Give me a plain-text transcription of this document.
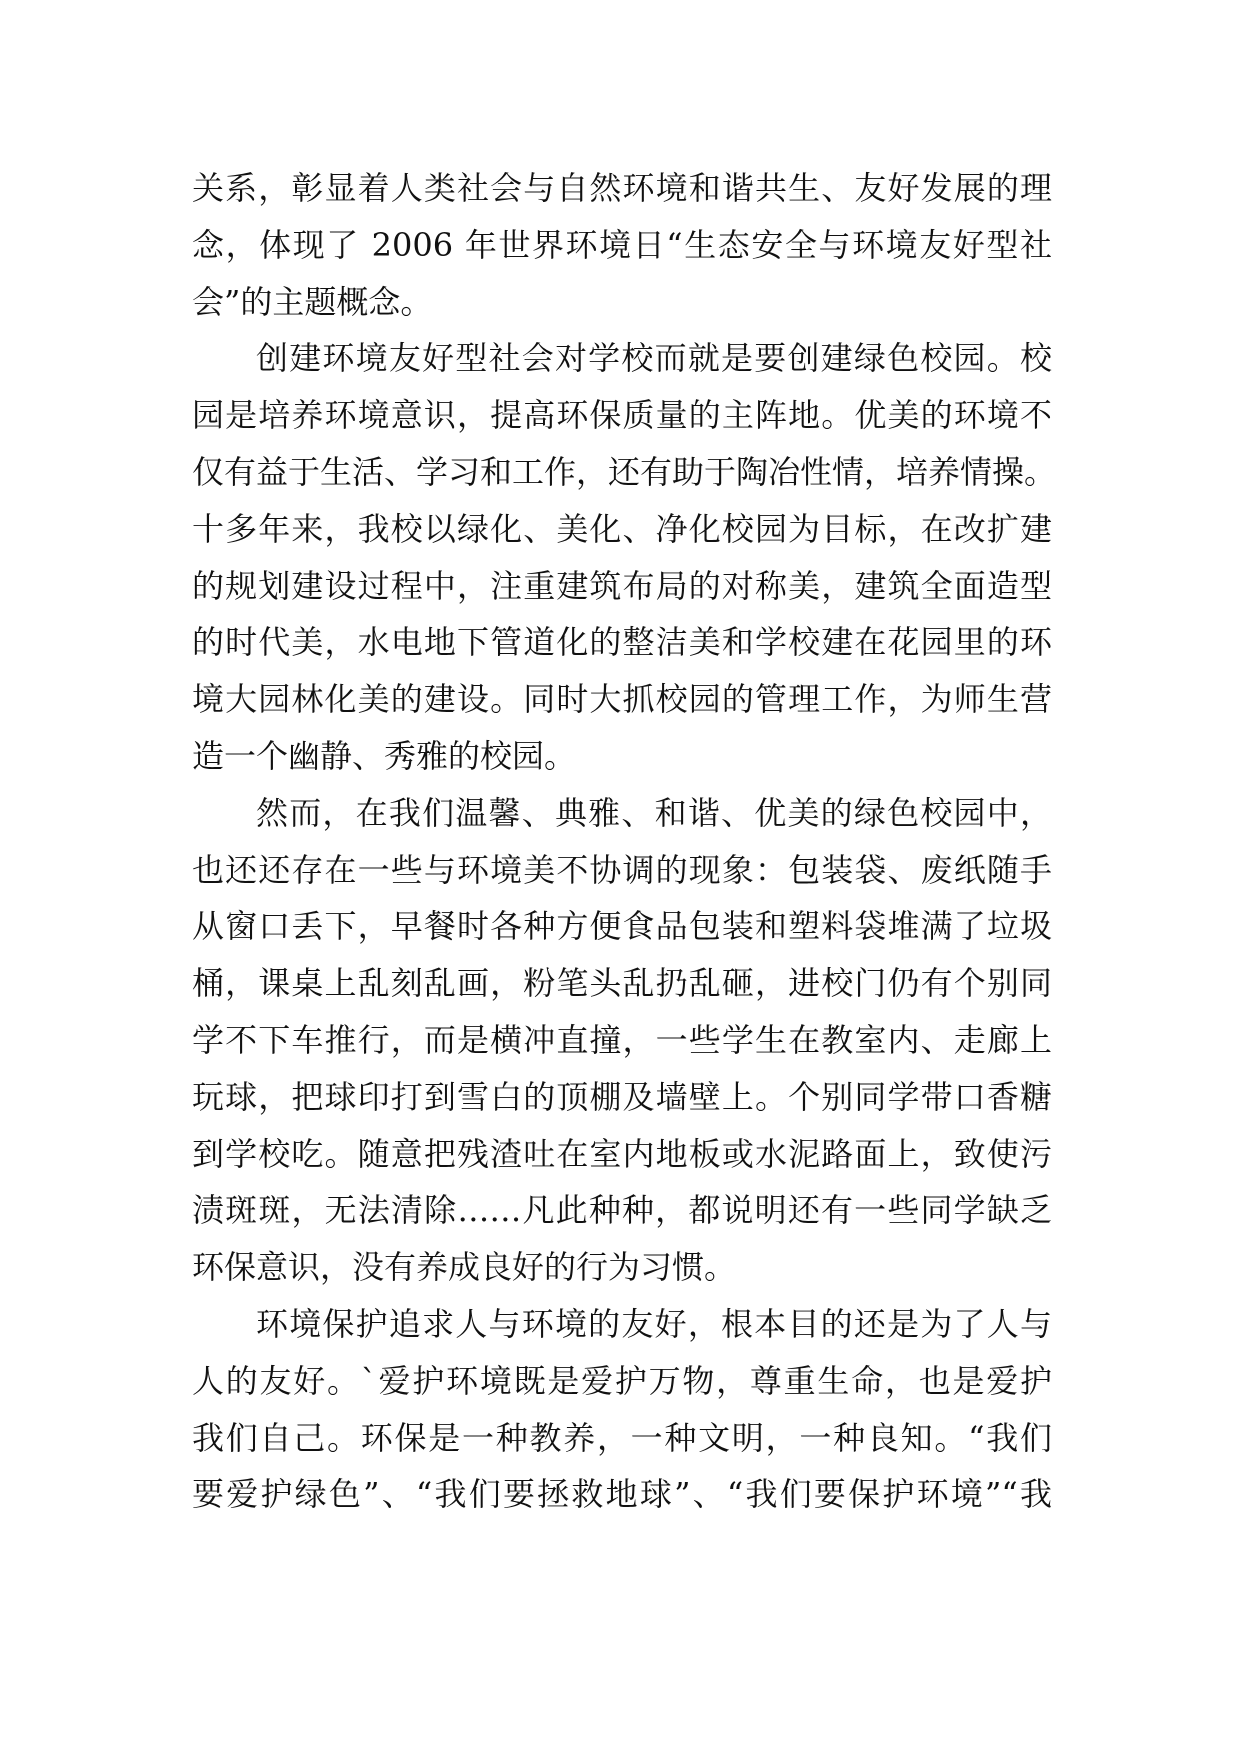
关系，彰显着人类社会与自然环境和谐共生、友好发展的理
念，体现了 2006 年世界环境日“生态安全与环境友好型社
会”的主题概念。
创建环境友好型社会对学校而就是要创建绿色校园。校
园是培养环境意识，提高环保质量的主阵地。优美的环境不
仅有益于生活、学习和工作，还有助于陶冶性情，培养情操。
十多年来，我校以绿化、美化、净化校园为目标，在改扩建
的规划建设过程中，注重建筑布局的对称美，建筑全面造型
的时代美，水电地下管道化的整洁美和学校建在花园里的环
境大园林化美的建设。同时大抓校园的管理工作，为师生营
造一个幽静、秀雅的校园。
然而，在我们温馨、典雅、和谐、优美的绿色校园中，
也还还存在一些与环境美不协调的现象：包装袋、废纸随手
从窗口丢下，早餐时各种方便食品包装和塑料袋堆满了垃圾
桶，课桌上乱刻乱画，粉笔头乱扔乱砸，进校门仍有个别同
学不下车推行，而是横冲直撞，一些学生在教室内、走廊上
玩球，把球印打到雪白的顶棚及墙壁上。个别同学带口香糖
到学校吃。随意把残渣吐在室内地板或水泥路面上，致使污
渍斑斑，无法清除……凡此种种，都说明还有一些同学缺乏
环保意识，没有养成良好的行为习惯。
环境保护追求人与环境的友好，根本目的还是为了人与
人的友好。`爱护环境既是爱护万物，尊重生命，也是爱护
我们自己。环保是一种教养，一种文明，一种良知。“我们
要爱护绿色”、“我们要拯救地球”、“我们要保护环境”“我
